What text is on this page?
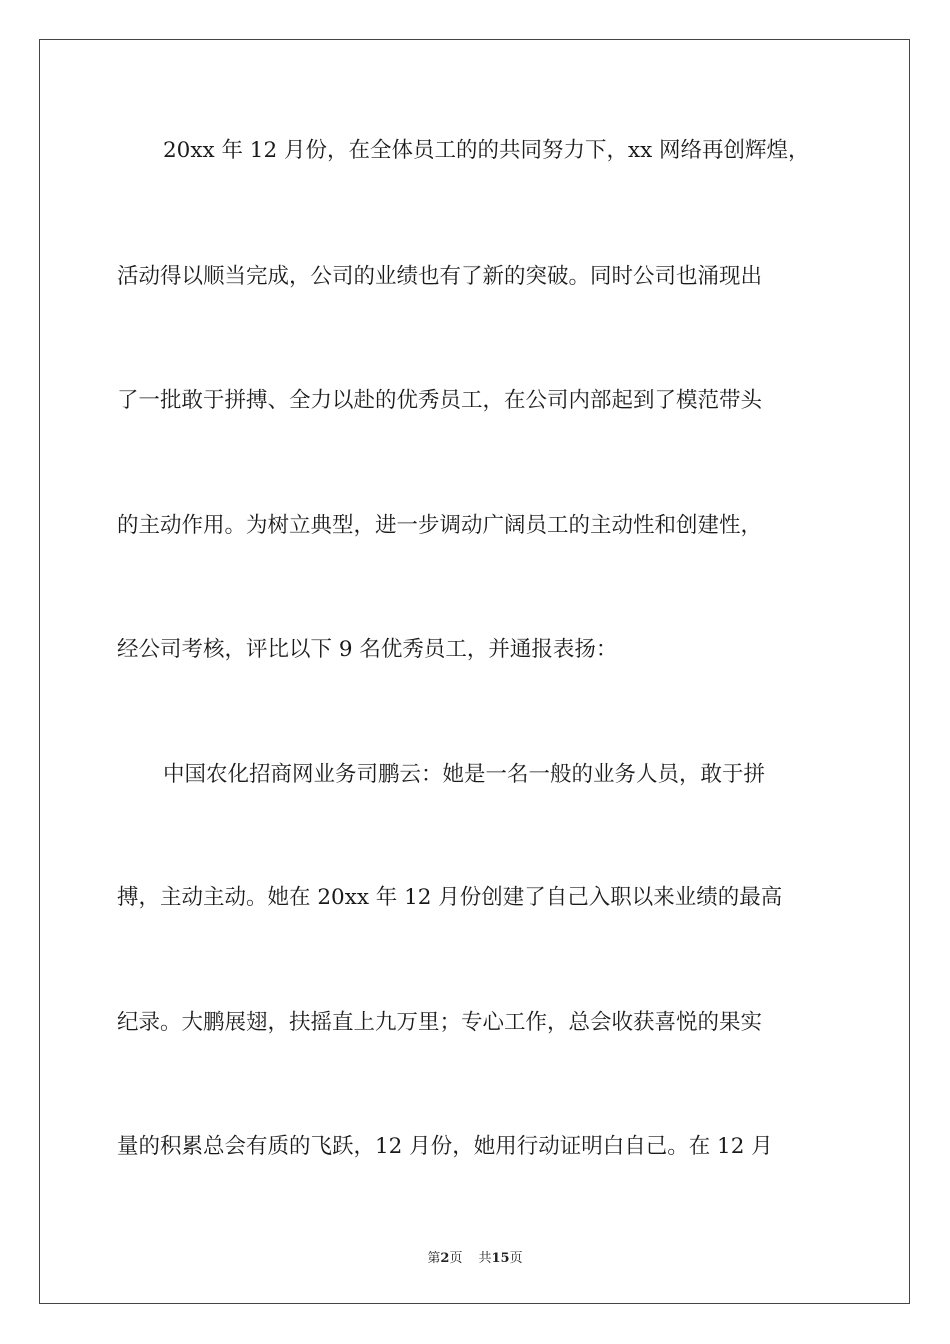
20xx 年 12 月份，在全体员工的的共同努力下，xx 网络再创辉煌，
活动得以顺当完成，公司的业绩也有了新的突破。同时公司也涌现出
了一批敢于拼搏、全力以赴的优秀员工，在公司内部起到了模范带头
的主动作用。为树立典型，进一步调动广阔员工的主动性和创建性，
经公司考核，评比以下 9 名优秀员工，并通报表扬：
中国农化招商网业务司鹏云：她是一名一般的业务人员，敢于拼
搏，主动主动。她在 20xx 年 12 月份创建了自己入职以来业绩的最高
纪录。大鹏展翅，扶摇直上九万里；专心工作，总会收获喜悦的果实
量的积累总会有质的飞跃，12 月份，她用行动证明白自己。在 12 月
第2页 共15页
